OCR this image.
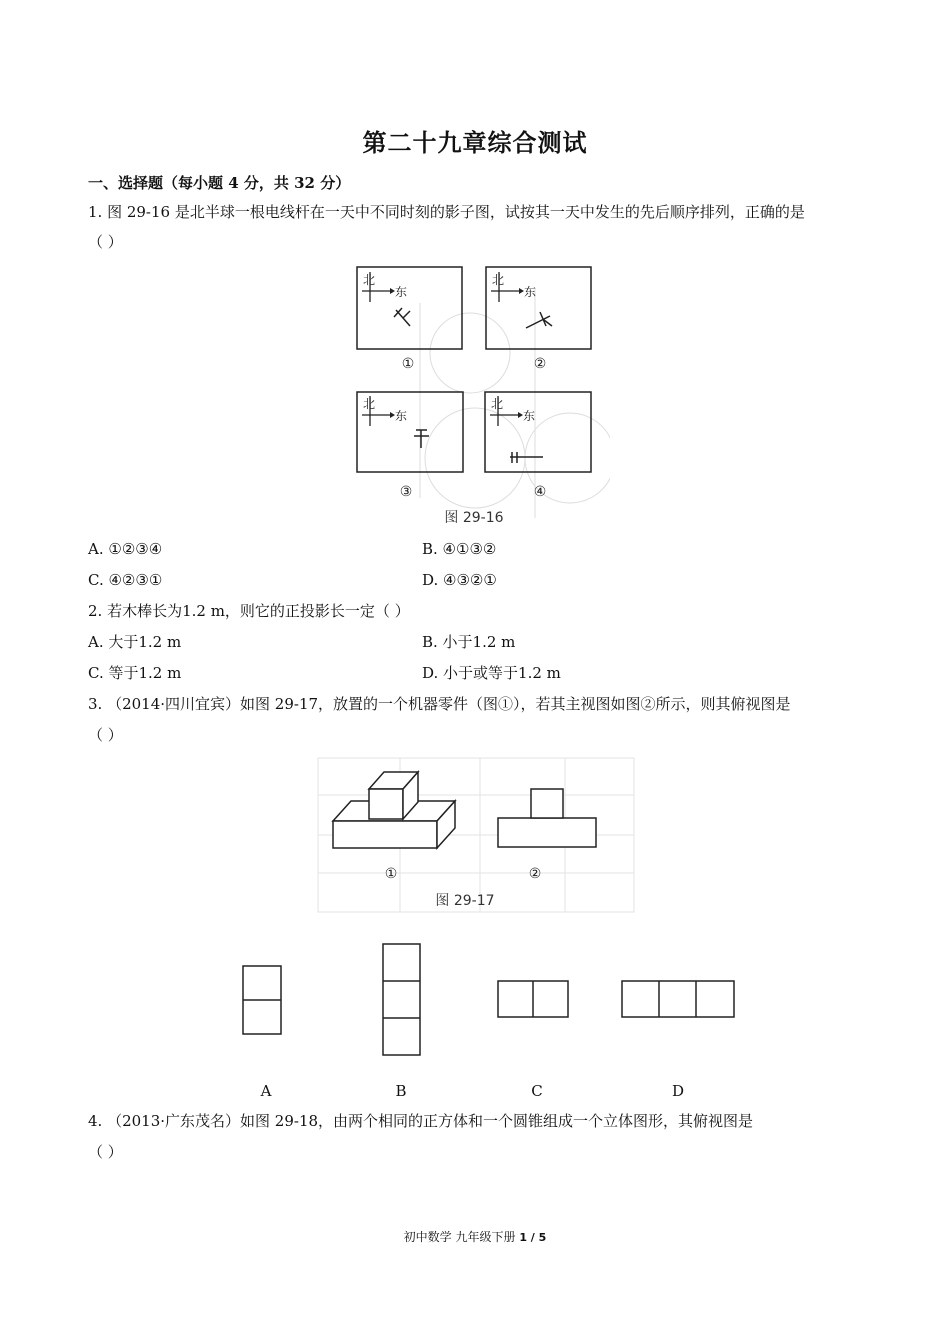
第二十九章综合测试
一、选择题（每小题 4 分，共 32 分）
1. 图 29-16 是北半球一根电线杆在一天中不同时刻的影子图，试按其一天中发生的先后顺序排列，正确的是
（ ）
北
东
①
北
东
②
北
东
③
北
东
④
图 29-16
A. ①②③④	B. ④①③②
C. ④②③①	D. ④③②①
2. 若木棒长为1.2 m，则它的正投影长一定（ ）
A. 大于1.2 m	B. 小于1.2 m
C. 等于1.2 m	D. 小于或等于1.2 m
3. （2014·四川宜宾）如图 29-17，放置的一个机器零件（图①），若其主视图如图②所示，则其俯视图是
（ ）
①	②
图 29-17
A	B	C	D
4. （2013·广东茂名）如图 29-18，由两个相同的正方体和一个圆锥组成一个立体图形，其俯视图是
（ ）
初中数学 九年级下册 1 / 5
